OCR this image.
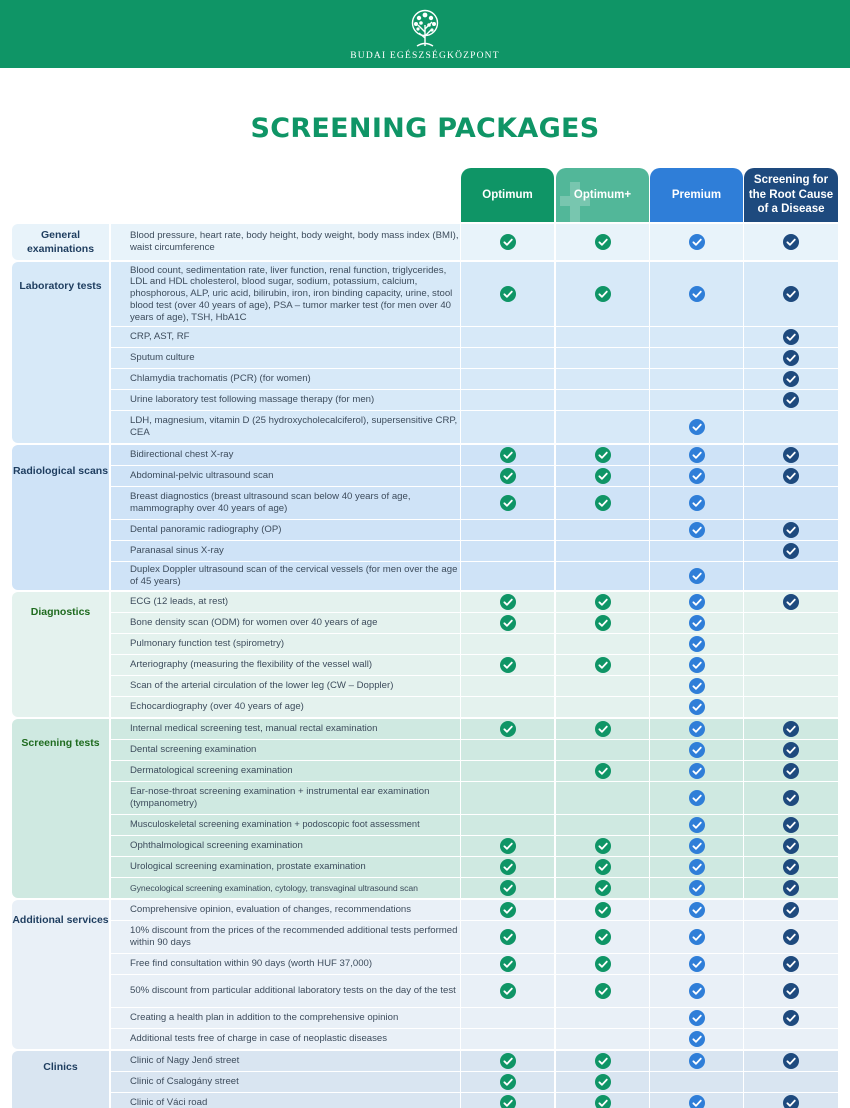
BUDAI EGÉSZSÉGKÖZPONT
SCREENING PACKAGES
Optimum	Optimum+	Premium
Screening for the Root Cause of a Disease
General examinations
Blood pressure, heart rate, body height, body weight, body mass index (BMI), waist circumference
Laboratory tests
Blood count, sedimentation rate, liver function, renal function, triglycerides, LDL and HDL cholesterol, blood sugar, sodium, potassium, calcium, phosphorous, ALP, uric acid, bilirubin, iron, iron binding capacity, urine, stool blood test (over 40 years of age), PSA – tumor marker test (for men over 40 years of age), TSH, HbA1C
CRP, AST, RF
Sputum culture
Chlamydia trachomatis (PCR) (for women)
Urine laboratory test following massage therapy (for men)
LDH, magnesium, vitamin D (25 hydroxycholecalciferol), supersensitive CRP, CEA
Radiological scans
Bidirectional chest X-ray
Abdominal-pelvic ultrasound scan
Breast diagnostics (breast ultrasound scan below 40 years of age, mammography over 40 years of age)
Dental panoramic radiography (OP)
Paranasal sinus X-ray
Duplex Doppler ultrasound scan of the cervical vessels (for men over the age of 45 years)
Diagnostics
ECG (12 leads, at rest)
Bone density scan (ODM) for women over 40 years of age
Pulmonary function test (spirometry)
Arteriography (measuring the flexibility of the vessel wall)
Scan of the arterial circulation of the lower leg (CW – Doppler)
Echocardiography (over 40 years of age)
Screening tests
Internal medical screening test, manual rectal examination
Dental screening examination
Dermatological screening examination
Ear-nose-throat screening examination + instrumental ear examination (tympanometry)
Musculoskeletal screening examination + podoscopic foot assessment
Ophthalmological screening examination
Urological screening examination, prostate examination
Gynecological screening examination, cytology, transvaginal ultrasound scan
Additional services
Comprehensive opinion, evaluation of changes, recommendations
10% discount from the prices of the recommended additional tests performed within 90 days
Free find consultation within 90 days (worth HUF 37,000)
50% discount from particular additional laboratory tests on the day of the test
Creating a health plan in addition to the comprehensive opinion
Additional tests free of charge in case of neoplastic diseases
Clinics
Clinic of Nagy Jenő street
Clinic of Csalogány street
Clinic of Váci road
